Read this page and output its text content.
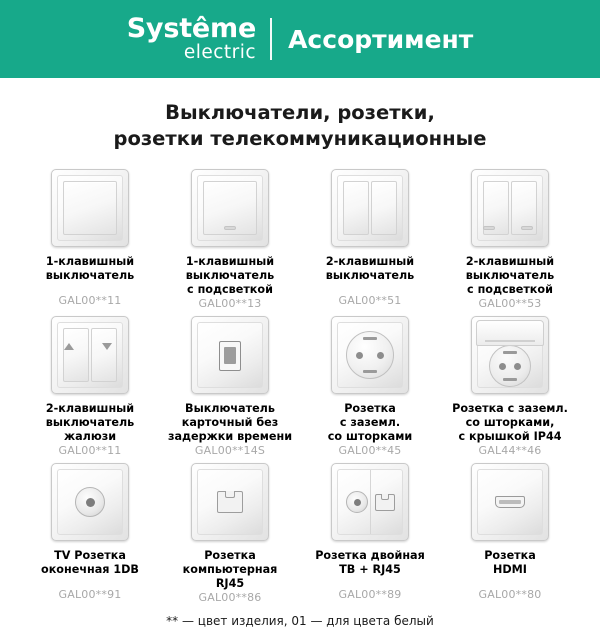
Systême
electric	Ассортимент
Выключатели, розетки,
розетки телекоммуникационные
1-клавишный
выключатель
GAL00**11
1-клавишный
выключатель
с подсветкой
GAL00**13
2-клавишный
выключатель
GAL00**51
2-клавишный
выключатель
с подсветкой
GAL00**53
2-клавишный
выключатель
жалюзи
GAL00**11
Выключатель
карточный без
задержки времени
GAL00**14S
Розетка
с заземл.
со шторками
GAL00**45
Розетка с заземл.
со шторками,
с крышкой IP44
GAL44**46
TV Розетка
оконечная 1DB
GAL00**91
Розетка
компьютерная
RJ45
GAL00**86
Розетка двойная
TВ + RJ45
GAL00**89
Розетка
HDMI
GAL00**80
** — цвет изделия, 01 — для цвета белый
